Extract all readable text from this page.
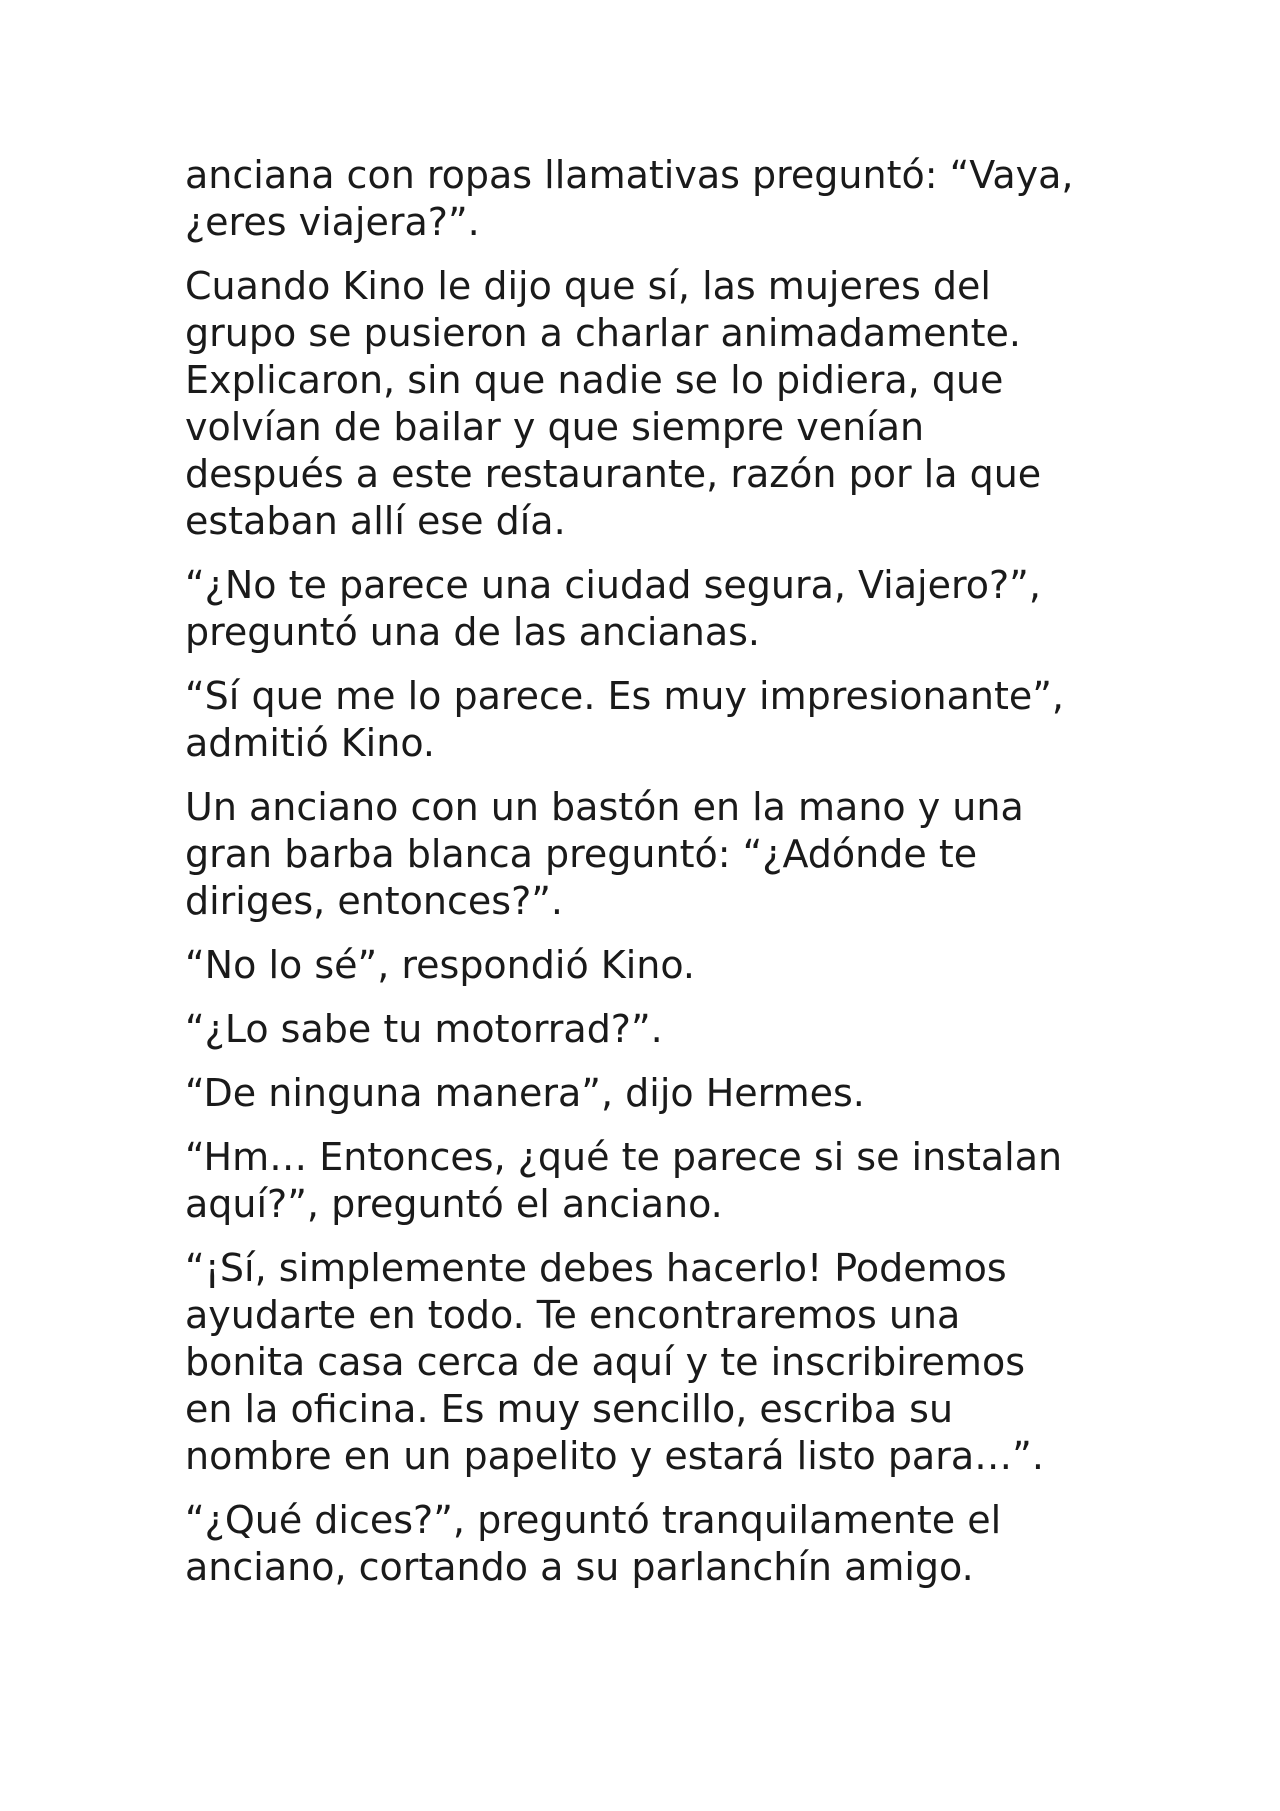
anciana con ropas llamativas preguntó: “Vaya,
¿eres viajera?”.

Cuando Kino le dijo que sí, las mujeres del
grupo se pusieron a charlar animadamente.
Explicaron, sin que nadie se lo pidiera, que
volvían de bailar y que siempre venían
después a este restaurante, razón por la que
estaban allí ese día.

“¿No te parece una ciudad segura, Viajero?”,
preguntó una de las ancianas.

“Sí que me lo parece. Es muy impresionante”,
admitió Kino.

Un anciano con un bastón en la mano y una
gran barba blanca preguntó: “¿Adónde te
diriges, entonces?”.

“No lo sé”, respondió Kino.

“¿Lo sabe tu motorrad?”.

“De ninguna manera”, dijo Hermes.

“Hm… Entonces, ¿qué te parece si se instalan
aquí?”, preguntó el anciano.

“¡Sí, simplemente debes hacerlo! Podemos
ayudarte en todo. Te encontraremos una
bonita casa cerca de aquí y te inscribiremos
en la oficina. Es muy sencillo, escriba su
nombre en un papelito y estará listo para…”.

“¿Qué dices?”, preguntó tranquilamente el
anciano, cortando a su parlanchín amigo.
